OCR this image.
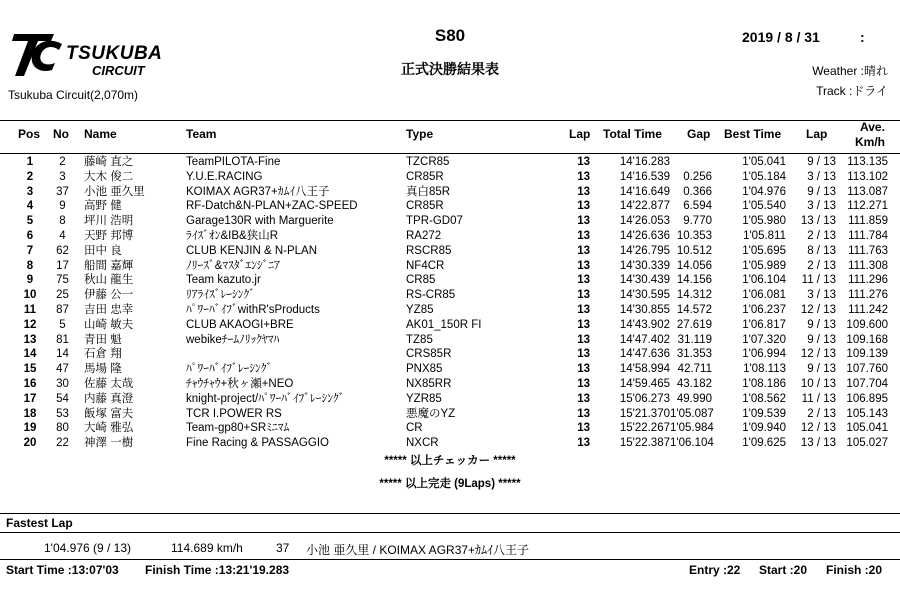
TSUKUBA
CIRCUIT
Tsukuba Circuit(2,070m)
S80
正式決勝結果表
2019 / 8 / 31	:
Weather :晴れ
Track :ドライ
Pos No Name	Team	Type	Lap Total Time Gap Best Time Lap	Ave.
Km/h
1	2	藤崎 直之	TeamPILOTA-Fine	TZCR85	13	14'16.283	1'05.041	9 / 13 113.135
2	3	大木 俊二	Y.U.E.RACING	CR85R	13	14'16.539	0.256	1'05.184	3 / 13 113.102
3	37	小池 亜久里	KOIMAX AGR37+ｶﾑｲ八王子	真白85R	13	14'16.649	0.366	1'04.976	9 / 13 113.087
4	9	高野 健	RF-Datch&N-PLAN+ZAC-SPEED	CR85R	13	14'22.877	6.594	1'05.540	3 / 13 112.271
5	8	坪川 浩明	Garage130R with Marguerite	TPR-GD07	13	14'26.053	9.770	1'05.980	13 / 13	111.859
6	4	天野 邦博	ﾗｲｽﾞｵﾝ&IB&狭山R	RA272	13	14'26.636 10.353	1'05.811	2 / 13	111.784
7	62	田中 良	CLUB KENJIN & N-PLAN	RSCR85	13	14'26.795 10.512	1'05.695	8 / 13	111.763
8	17	船間 嘉輝	ﾉﾘｰｽﾞ&ﾏｽﾀﾞｴﾝｼﾞﾆｱ	NF4CR	13	14'30.339 14.056	1'05.989	2 / 13	111.308
9	75	秋山 龍生	Team kazuto.jr	CR85	13	14'30.439 14.156	1'06.104	11 / 13	111.296
10	25	伊藤 公一	ﾘｱﾗｲｽﾞﾚｰｼﾝｸﾞ	RS-CR85	13	14'30.595 14.312	1'06.081	3 / 13	111.276
11	87	吉田 忠幸	ﾊﾟﾜｰﾊﾞｲﾌﾞwithR'sProducts	YZ85	13	14'30.855 14.572	1'06.237	12 / 13	111.242
12	5	山崎 敏夫	CLUB AKAOGI+BRE	AK01_150R FI	13	14'43.902 27.619	1'06.817	9 / 13 109.600
13	81	青田 魁	webikeﾁｰﾑﾉﾘｯｸﾔﾏﾊ	TZ85	13	14'47.402 31.119	1'07.320	9 / 13 109.168
14	14	石倉 翔	CRS85R	13	14'47.636 31.353	1'06.994	12 / 13 109.139
15	47	馬場 隆	ﾊﾟﾜｰﾊﾞｲﾌﾞﾚｰｼﾝｸﾞ	PNX85	13	14'58.994 42.711	1'08.113	9 / 13 107.760
16	30	佐藤 太哉	ﾁｬｳﾁｬｳ+秋ヶ瀬+NEO	NX85RR	13	14'59.465 43.182	1'08.186	10 / 13 107.704
17	54	内藤 真澄	knight-project/ﾊﾟﾜｰﾊﾞｲﾌﾞﾚｰｼﾝｸﾞ	YZR85	13	15'06.273 49.990	1'08.562	11 / 13 106.895
18	53	飯塚 富夫	TCR I.POWER RS	悪魔のYZ	13	15'21.370 1'05.087	1'09.539	2 / 13 105.143
19	80	大崎 雅弘	Team-gp80+SRﾐﾆﾏﾑ	CR	13	15'22.267 1'05.984	1'09.940	12 / 13 105.041
20	22	神澤 一樹	Fine Racing & PASSAGGIO	NXCR	13	15'22.387 1'06.104	1'09.625	13 / 13 105.027
***** 以上チェッカー *****
***** 以上完走 (9Laps) *****
Fastest Lap
1'04.976 (9 / 13)	114.689 km/h	37 小池 亜久里 / KOIMAX AGR37+ｶﾑｲ八王子
Start Time :13:07'03 Finish Time :13:21'19.283	Entry :22 Start :20 Finish :20
